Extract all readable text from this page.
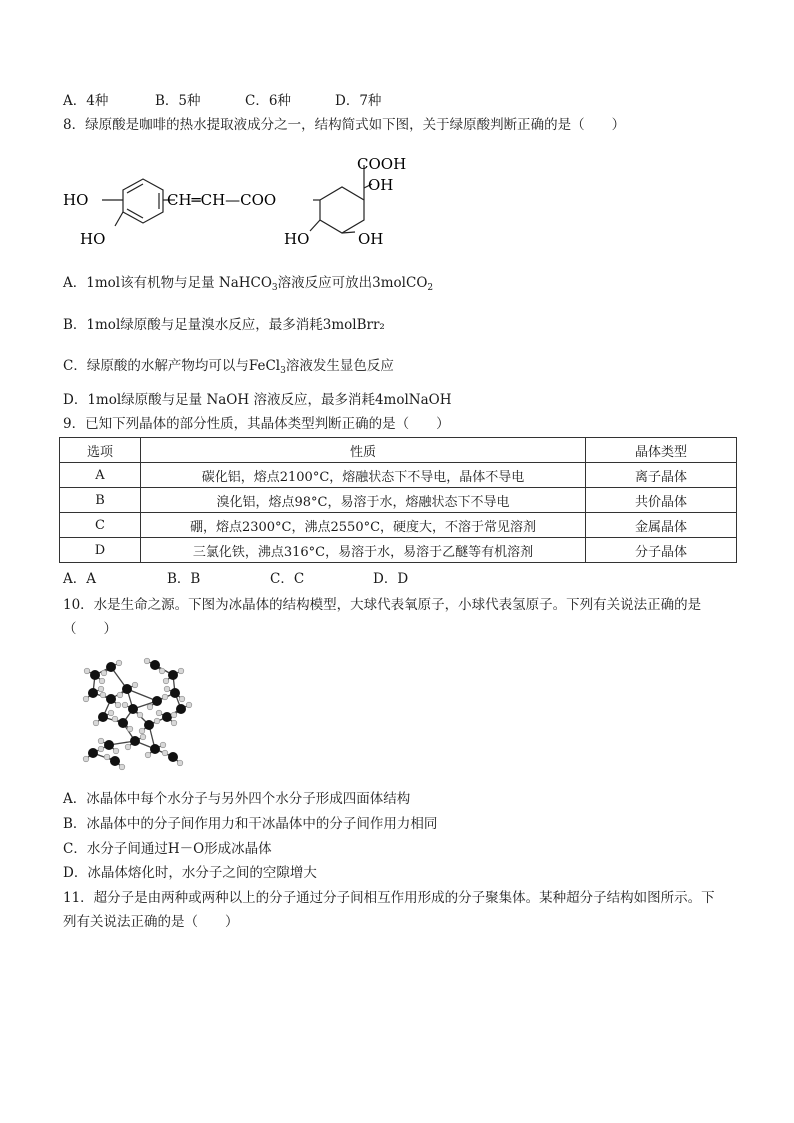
A．4种	B．5种	C．6种	D．7种
8．绿原酸是咖啡的热水提取液成分之一，结构简式如下图，关于绿原酸判断正确的是（　　）
HO
HO
CH═CH—COO
COOH
OH
HO	OH
A．1mol该有机物与足量 NaHCO$_3$溶液反应可放出3molCO$_2$
B．1mol绿原酸与足量溴水反应，最多消耗3molBrr₂
C．绿原酸的水解产物均可以与FeCl$_3$溶液发生显色反应
D．1mol绿原酸与足量 NaOH 溶液反应，最多消耗4molNaOH
9．已知下列晶体的部分性质，其晶体类型判断正确的是（　　）
选项	性质	晶体类型
A	碳化铝，熔点2100°C，熔融状态下不导电，晶体不导电	离子晶体
B	溴化铝，熔点98°C，易溶于水，熔融状态下不导电	共价晶体
C	硼，熔点2300°C，沸点2550°C，硬度大，不溶于常见溶剂	金属晶体
D	三氯化铁，沸点316°C，易溶于水，易溶于乙醚等有机溶剂	分子晶体
A．A	B．B	C．C	D．D
10．水是生命之源。下图为冰晶体的结构模型，大球代表氧原子，小球代表氢原子。下列有关说法正确的是
（　　）
A．冰晶体中每个水分子与另外四个水分子形成四面体结构
B．冰晶体中的分子间作用力和干冰晶体中的分子间作用力相同
C．水分子间通过H－O形成冰晶体
D．冰晶体熔化时，水分子之间的空隙增大
11．超分子是由两种或两种以上的分子通过分子间相互作用形成的分子聚集体。某种超分子结构如图所示。下
列有关说法正确的是（　　）
